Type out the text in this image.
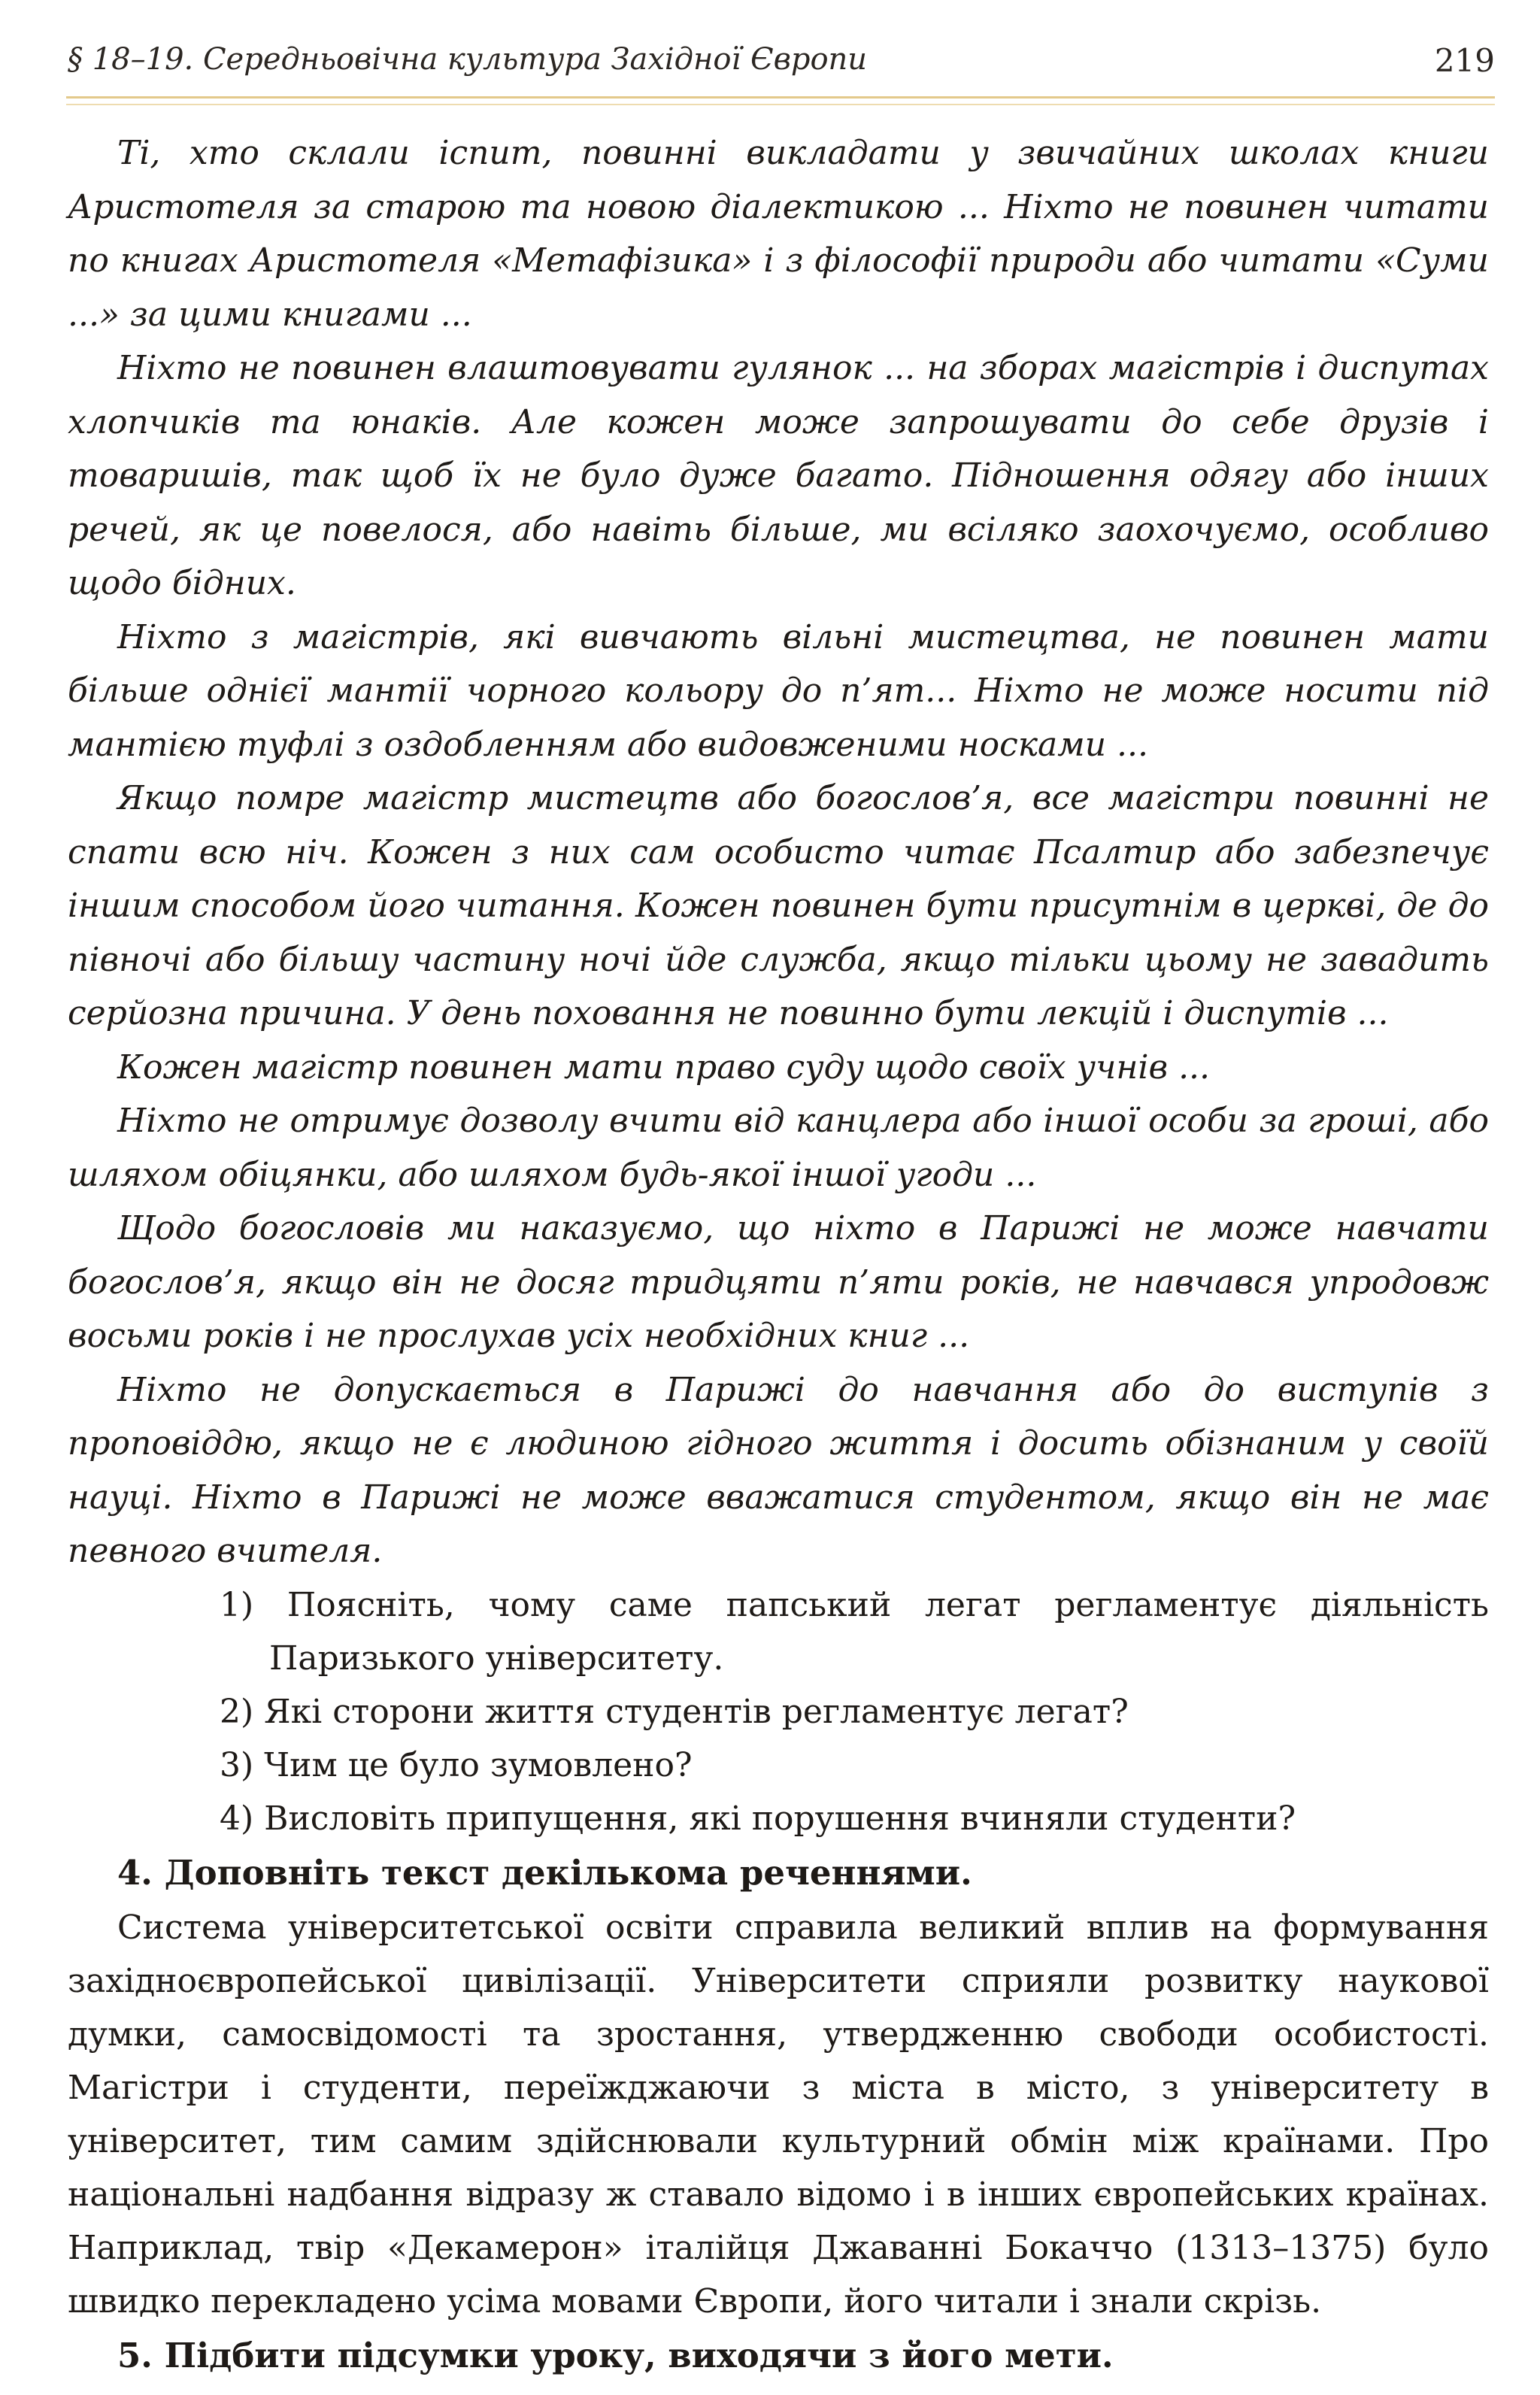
§ 18–19. Середньовічна культура Західної Європи	219

Ті, хто склали іспит, повинні викладати у звичайних школах книги Аристотеля за старою та новою діалектикою ... Ніхто не повинен читати по книгах Аристотеля «Метафізика» і з філософії природи або читати «Суми ...» за цими книгами ...

Ніхто не повинен влаштовувати гулянок ... на зборах магістрів і диспутах хлопчиків та юнаків. Але кожен може запрошувати до себе друзів і товаришів, так щоб їх не було дуже багато. Підношення одягу або інших речей, як це повелося, або навіть більше, ми всіляко заохочуємо, особливо щодо бідних.

Ніхто з магістрів, які вивчають вільні мистецтва, не повинен мати більше однієї мантії чорного кольору до п’ят... Ніхто не може носити під мантією туфлі з оздобленням або видовженими носками ...

Якщо помре магістр мистецтв або богослов’я, все магістри повинні не спати всю ніч. Кожен з них сам особисто читає Псалтир або забезпечує іншим способом його читання. Кожен повинен бути присутнім в церкві, де до півночі або більшу частину ночі йде служба, якщо тільки цьому не завадить серйозна причина. У день поховання не повинно бути лекцій і диспутів ...

Кожен магістр повинен мати право суду щодо своїх учнів ...

Ніхто не отримує дозволу вчити від канцлера або іншої особи за гроші, або шляхом обіцянки, або шляхом будь-якої іншої угоди ...

Щодо богословів ми наказуємо, що ніхто в Парижі не може навчати богослов’я, якщо він не досяг тридцяти п’яти років, не навчався упродовж восьми років і не прослухав усіх необхідних книг ...

Ніхто не допускається в Парижі до навчання або до виступів з проповіддю, якщо не є людиною гідного життя і досить обізнаним у своїй науці. Ніхто в Парижі не може вважатися студентом, якщо він не має певного вчителя.

1) Поясніть, чому саме папський легат регламентує діяльність Паризького університету.
2) Які сторони життя студентів регламентує легат?
3) Чим це було зумовлено?
4) Висловіть припущення, які порушення вчиняли студенти?

4. Доповніть текст декількома реченнями.

Система університетської освіти справила великий вплив на формування західноєвропейської цивілізації. Університети сприяли розвитку наукової думки, самосвідомості та зростання, утвердженню свободи особистості. Магістри і студенти, переїжджаючи з міста в місто, з університету в університет, тим самим здійснювали культурний обмін між країнами. Про національні надбання відразу ж ставало відомо і в інших європейських країнах. Наприклад, твір «Декамерон» італійця Джаванні Бокаччо (1313–1375) було швидко перекладено усіма мовами Європи, його читали і знали скрізь.

5. Підбити підсумки уроку, виходячи з його мети.
